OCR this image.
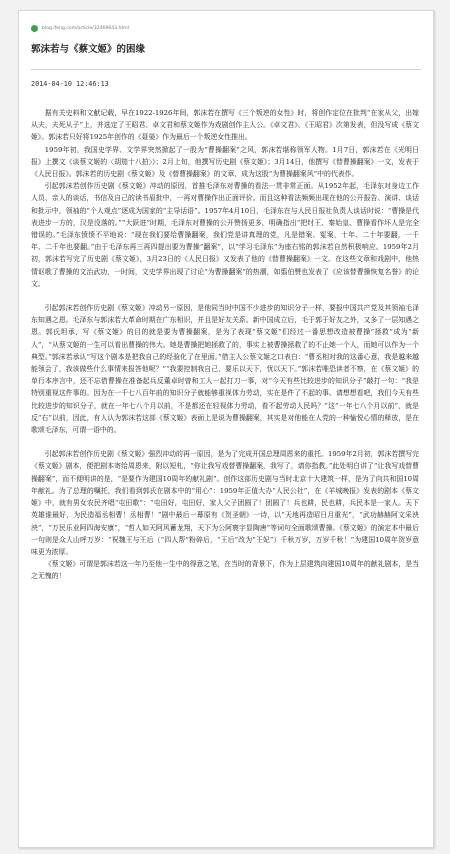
blog.ifeng.com/article/32469643.html
郭沫若与《蔡文姬》的困缘
2014-04-10 12:46:13

据有关史料和文献记载，早在1922-1926年间，郭沫若在撰写《三个叛逆的女性》时，将创作定位在批判“在家从父，出嫁从夫，夫死从子”上，并选定了王昭君、卓文君和蔡文姬作为戏剧创作主人公。《卓文君》、《王昭君》次第发表，但没写成《蔡文姬》。郭沫若只好将1925年创作的《聂嫈》作为最后一个叛逆女性推出。

1959年初，我国史学界、文学界突然掀起了一股为“曹操翻案”之风，郭沫若堪称领军人物。1月7日，郭沫若在《光明日报》上撰文《谈蔡文姬的〈胡笳十八拍〉》；2月上旬，他撰写历史剧《蔡文姬》；3月14日，他撰写《替曹操翻案》一文，发表于《人民日报》。郭沫若的历史剧《蔡文姬》及《替曹操翻案》的文章，成为这股“为曹操翻案风”中的代表作。

引起郭沫若创作历史剧《蔡文姬》冲动的原因，首推毛泽东对曹操的看法一贯非常正面。从1952年起，毛泽东对身边工作人员、亲人的谈话，书信及自己的读书眉批中，一再对曹操作出正面评价。而且这种看法频频出现在他的公开报告、演讲、谈话和批示中，领袖的“个人观点”逐成为国家的“主导话语”。1957年4月10日，毛泽东在与人民日报社负责人谈话时说：“曹操是代表进步一方的，汉是没落的。”“大跃进”时期，毛泽东对曹操的公开赞扬更多，明确指出“把纣王、秦始皇、曹操看作坏人是完全错误的。”毛泽东愤愤不平地说：“现在我们要给曹操翻案，我们党是讲真理的党，凡是错案、冤案，十年、二十年要翻，一千年、二千年也要翻。”由于毛泽东再三再四提出要为曹操“翻案”，以“学习毛泽东”为座右铭的郭沫若自然积极响应。1959年2月初，郭沫若写完了历史剧《蔡文姬》，3月23日的《人民日报》又发表了他的《替曹操翻案》一文。在这些文章和戏剧中，他热情讴歌了曹操的文治武功，一时间，文史学界出现了讨论“为曹操翻案”的热潮，如翦伯赞也发表了《应该替曹操恢复名誉》的论文。

引起郭沫若创作历史剧《蔡文姬》冲动另一原因，是他同当时中国不少进步的知识分子一样，要报中国共产党及其领袖毛泽东知遇之恩。毛泽东与郭沫若大革命时期在广东相识，并且是好友关系。新中国成立后，毛于郭于好友之外，又多了一层知遇之恩。郭氏坦承，写《蔡文姬》的目的就是要为曹操翻案，是为了表现“蔡文姬”们经过一番思想改造被曹操“拯救”成为“新人”，“从蔡文姬的一生可以看出曹操的伟大。她是曹操把她拯救了的，事实上被曹操拯救了的不止她一个人，而她可以作为一个典型。”郭沫若承认“写这个剧本是把我自己的经验化了在里面。”借主人公蔡文姬之口表白：“曹丞相对我的这番心意，我是越来越能领会了，我该做些什么事情来报答他呢？”“我要控制我自己，要乐以天下，忧以天下。”郭沫若唯恐读者不察，在《蔡文姬》的单行本序言中，还不忘借曹操在准备起兵反董卓时曾和工人一起打刀一事，对“今天有些比较进步的知识分子”敲打一句：“我是特别重视这件事的。因为在一千七八百年前的知识分子就能够重视体力劳动，实在是件了不起的事。请想想看吧，我们今天有些比较进步的知识分子，就在一年七八个月以前，不是都还在轻视体力劳动，看不起劳动人民吗？”这“一年七八个月以前”，就是反“右”以前，因此，有人认为郭沫若这部《蔡文姬》表面上是说为曹操翻案，其实是对他能在人党的一种愉悦心情的释放，是在歌颂毛泽东，可谓一语中的。

引起郭沫若创作历史剧《蔡文姬》强烈冲动的再一原因，是为了完成开国总理周恩来的重托。1959年2月初，郭沫若撰写完《蔡文姬》剧本，便把剧本寄给周恩来，附以短札，“你让我写戏替曹操翻案，我写了，请你指教。”此处明白讲了“让我写戏替曹操翻案”，而不便明讲的是，“是要作为建国10周年的献礼剧”。创作这部历史剧与当时北京十大建筑一样，是为了向共和国10周年献礼。为了总理的嘱托，我们看到郭氏在剧本中的“用心”：1959年正值大办“人民公社”，在《羊城晚报》发表的剧本《蔡文姬》中，就有男女农民齐唱“屯田歌”：“屯田好，屯田好，家人父子团圆了！团圆了！兵也耕，民也耕，兵民本是一家人。天下英雄谁最好，为民造福丞相曹！丞相曹！”剧中最后一幕原有《贺圣朝》一诗，以“天地再造昭日月重光”，“武功赫赫阿文采泱泱”，“万民乐业阿四海安康”，“哲人如天阿风蓄龙翔，天下为公阿寰宇显陶唐”等词句全面歌颂曹操。《蔡文姬》的演定本中最后一句则是众人山呼万岁：“祝魏王与王后（“四人帮”粉碎后，“王后”改为“王妃”）千秋万岁，万岁千秋！”为建国10周年贺岁意味更为浓厚。

《蔡文姬》可谓是郭沫若这一年乃至他一生中的得意之笔，在当时的背景下，作为上层建筑向建国10周年的献礼剧本，是当之无愧的！
